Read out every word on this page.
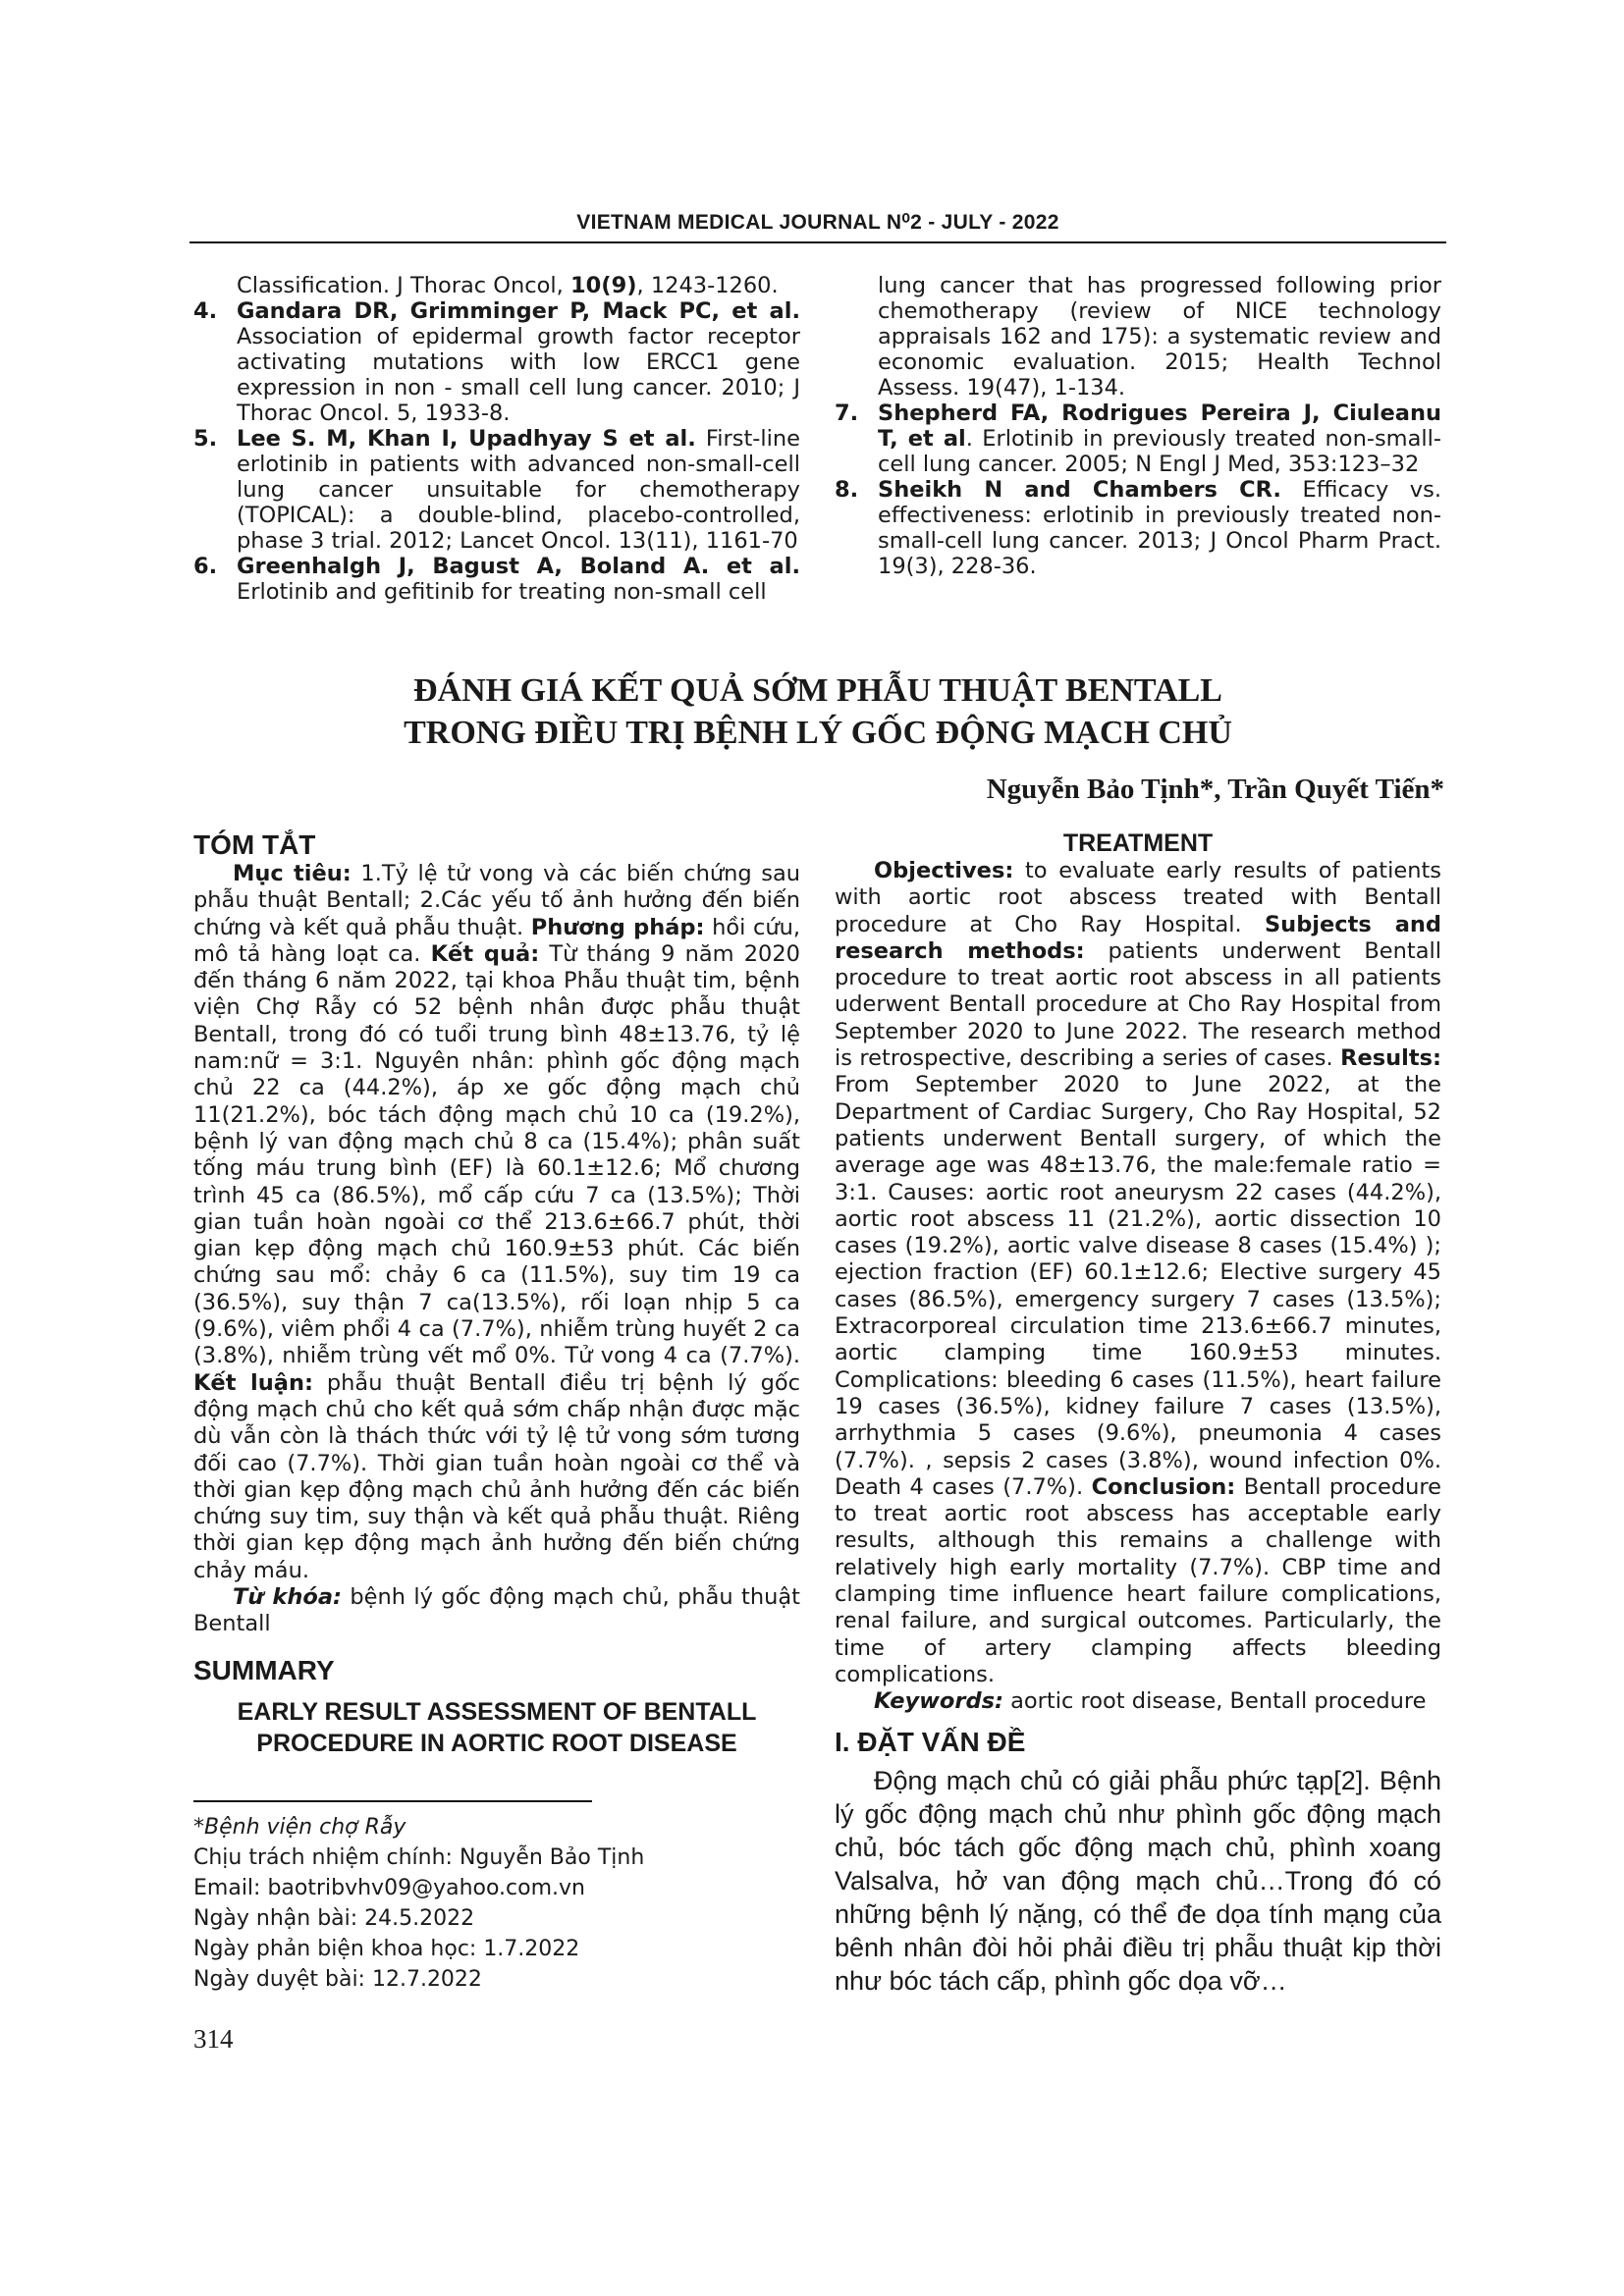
VIETNAM MEDICAL JOURNAL N⁰2 - JULY - 2022
Classification. J Thorac Oncol, 10(9), 1243-1260.
4. Gandara DR, Grimminger P, Mack PC, et al. Association of epidermal growth factor receptor activating mutations with low ERCC1 gene expression in non - small cell lung cancer. 2010; J Thorac Oncol. 5, 1933-8.
5. Lee S. M, Khan I, Upadhyay S et al. First-line erlotinib in patients with advanced non-small-cell lung cancer unsuitable for chemotherapy (TOPICAL): a double-blind, placebo-controlled, phase 3 trial. 2012; Lancet Oncol. 13(11), 1161-70
6. Greenhalgh J, Bagust A, Boland A. et al. Erlotinib and gefitinib for treating non-small cell
lung cancer that has progressed following prior chemotherapy (review of NICE technology appraisals 162 and 175): a systematic review and economic evaluation. 2015; Health Technol Assess. 19(47), 1-134.
7. Shepherd FA, Rodrigues Pereira J, Ciuleanu T, et al. Erlotinib in previously treated non-small-cell lung cancer. 2005; N Engl J Med, 353:123–32
8. Sheikh N and Chambers CR. Efficacy vs. effectiveness: erlotinib in previously treated non-small-cell lung cancer. 2013; J Oncol Pharm Pract. 19(3), 228-36.
ĐÁNH GIÁ KẾT QUẢ SỚM PHẪU THUẬT BENTALL
TRONG ĐIỀU TRỊ BỆNH LÝ GỐC ĐỘNG MẠCH CHỦ
Nguyễn Bảo Tịnh*, Trần Quyết Tiến*
TÓM TẮT

Mục tiêu: 1.Tỷ lệ tử vong và các biến chứng sau phẫu thuật Bentall; 2.Các yếu tố ảnh hưởng đến biến chứng và kết quả phẫu thuật. Phương pháp: hồi cứu, mô tả hàng loạt ca. Kết quả: Từ tháng 9 năm 2020 đến tháng 6 năm 2022, tại khoa Phẫu thuật tim, bệnh viện Chợ Rẫy có 52 bệnh nhân được phẫu thuật Bentall, trong đó có tuổi trung bình 48±13.76, tỷ lệ nam:nữ = 3:1. Nguyên nhân: phình gốc động mạch chủ 22 ca (44.2%), áp xe gốc động mạch chủ 11(21.2%), bóc tách động mạch chủ 10 ca (19.2%), bệnh lý van động mạch chủ 8 ca (15.4%); phân suất tống máu trung bình (EF) là 60.1±12.6; Mổ chương trình 45 ca (86.5%), mổ cấp cứu 7 ca (13.5%); Thời gian tuần hoàn ngoài cơ thể 213.6±66.7 phút, thời gian kẹp động mạch chủ 160.9±53 phút. Các biến chứng sau mổ: chảy 6 ca (11.5%), suy tim 19 ca (36.5%), suy thận 7 ca(13.5%), rối loạn nhịp 5 ca (9.6%), viêm phổi 4 ca (7.7%), nhiễm trùng huyết 2 ca (3.8%), nhiễm trùng vết mổ 0%. Tử vong 4 ca (7.7%). Kết luận: phẫu thuật Bentall điều trị bệnh lý gốc động mạch chủ cho kết quả sớm chấp nhận được mặc dù vẫn còn là thách thức với tỷ lệ tử vong sớm tương đối cao (7.7%). Thời gian tuần hoàn ngoài cơ thể và thời gian kẹp động mạch chủ ảnh hưởng đến các biến chứng suy tim, suy thận và kết quả phẫu thuật. Riêng thời gian kẹp động mạch ảnh hưởng đến biến chứng chảy máu.

Từ khóa: bệnh lý gốc động mạch chủ, phẫu thuật Bentall

SUMMARY

EARLY RESULT ASSESSMENT OF BENTALL
PROCEDURE IN AORTIC ROOT DISEASE

*Bệnh viện chợ Rẫy

Chịu trách nhiệm chính: Nguyễn Bảo Tịnh

Email: baotribvhv09@yahoo.com.vn

Ngày nhận bài: 24.5.2022

Ngày phản biện khoa học: 1.7.2022

Ngày duyệt bài: 12.7.2022

TREATMENT

Objectives: to evaluate early results of patients with aortic root abscess treated with Bentall procedure at Cho Ray Hospital. Subjects and research methods: patients underwent Bentall procedure to treat aortic root abscess in all patients uderwent Bentall procedure at Cho Ray Hospital from September 2020 to June 2022. The research method is retrospective, describing a series of cases. Results: From September 2020 to June 2022, at the Department of Cardiac Surgery, Cho Ray Hospital, 52 patients underwent Bentall surgery, of which the average age was 48±13.76, the male:female ratio = 3:1. Causes: aortic root aneurysm 22 cases (44.2%), aortic root abscess 11 (21.2%), aortic dissection 10 cases (19.2%), aortic valve disease 8 cases (15.4%) ); ejection fraction (EF) 60.1±12.6; Elective surgery 45 cases (86.5%), emergency surgery 7 cases (13.5%); Extracorporeal circulation time 213.6±66.7 minutes, aortic clamping time 160.9±53 minutes. Complications: bleeding 6 cases (11.5%), heart failure 19 cases (36.5%), kidney failure 7 cases (13.5%), arrhythmia 5 cases (9.6%), pneumonia 4 cases (7.7%). , sepsis 2 cases (3.8%), wound infection 0%. Death 4 cases (7.7%). Conclusion: Bentall procedure to treat aortic root abscess has acceptable early results, although this remains a challenge with relatively high early mortality (7.7%). CBP time and clamping time influence heart failure complications, renal failure, and surgical outcomes. Particularly, the time of artery clamping affects bleeding complications.

Keywords: aortic root disease, Bentall procedure

I. ĐẶT VẤN ĐỀ

Động mạch chủ có giải phẫu phức tạp[2]. Bệnh lý gốc động mạch chủ như phình gốc động mạch chủ, bóc tách gốc động mạch chủ, phình xoang Valsalva, hở van động mạch chủ…Trong đó có những bệnh lý nặng, có thể đe dọa tính mạng của bênh nhân đòi hỏi phải điều trị phẫu thuật kịp thời như bóc tách cấp, phình gốc dọa vỡ…

314
